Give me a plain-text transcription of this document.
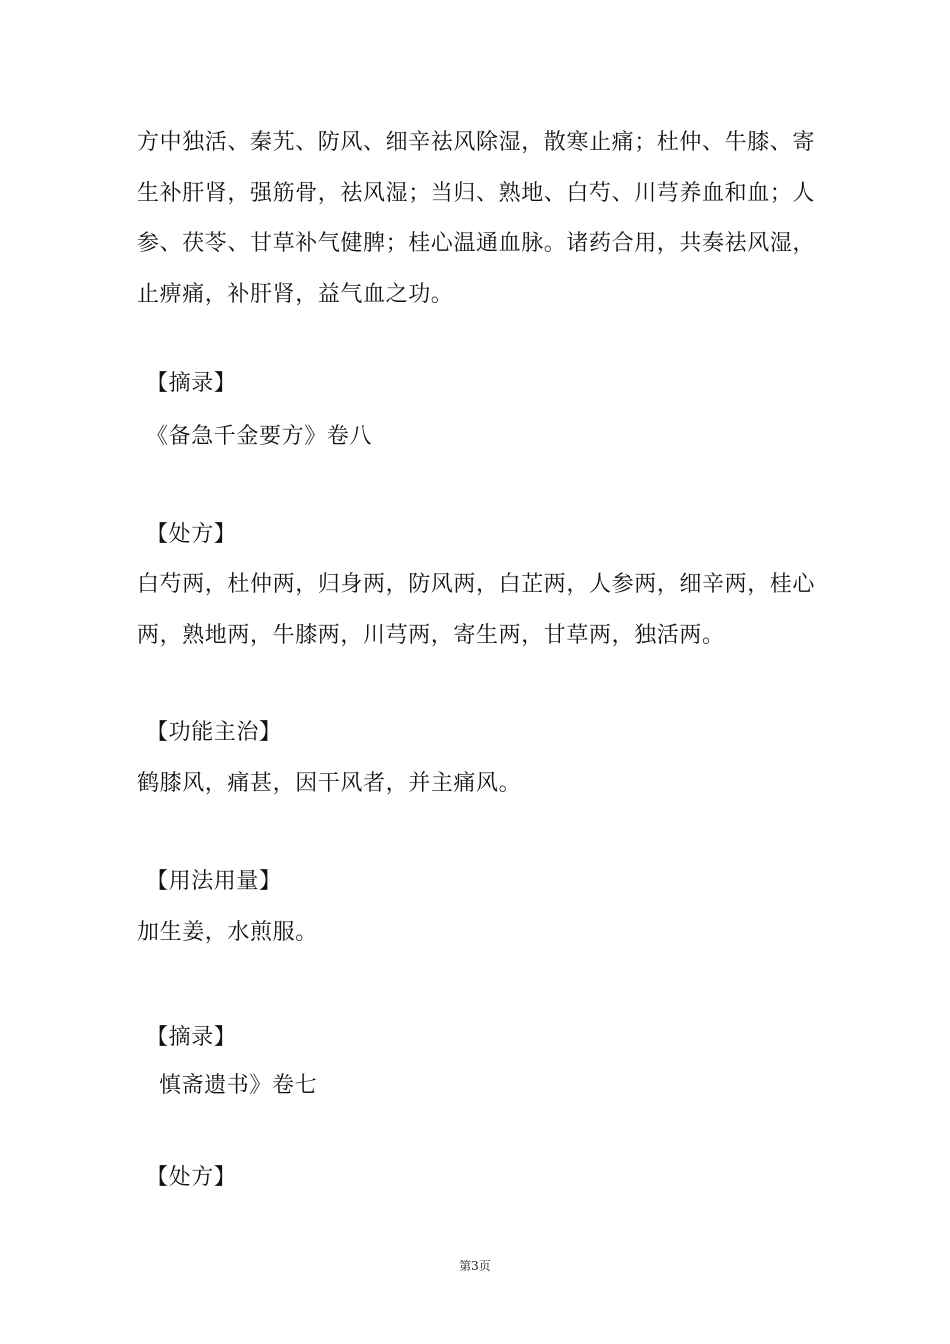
方中独活、秦艽、防风、细辛祛风除湿，散寒止痛；杜仲、牛膝、寄生补肝肾，强筋骨，祛风湿；当归、熟地、白芍、川芎养血和血；人参、茯苓、甘草补气健脾；桂心温通血脉。诸药合用，共奏祛风湿，止痹痛，补肝肾，益气血之功。

【摘录】
《备急千金要方》卷八
【处方】

白芍两，杜仲两，归身两，防风两，白芷两，人参两，细辛两，桂心两，熟地两，牛膝两，川芎两，寄生两，甘草两，独活两。

【功能主治】
鹤膝风，痛甚，因干风者，并主痛风。
【用法用量】
加生姜，水煎服。
【摘录】
慎斋遗书》卷七
【处方】
第3页
